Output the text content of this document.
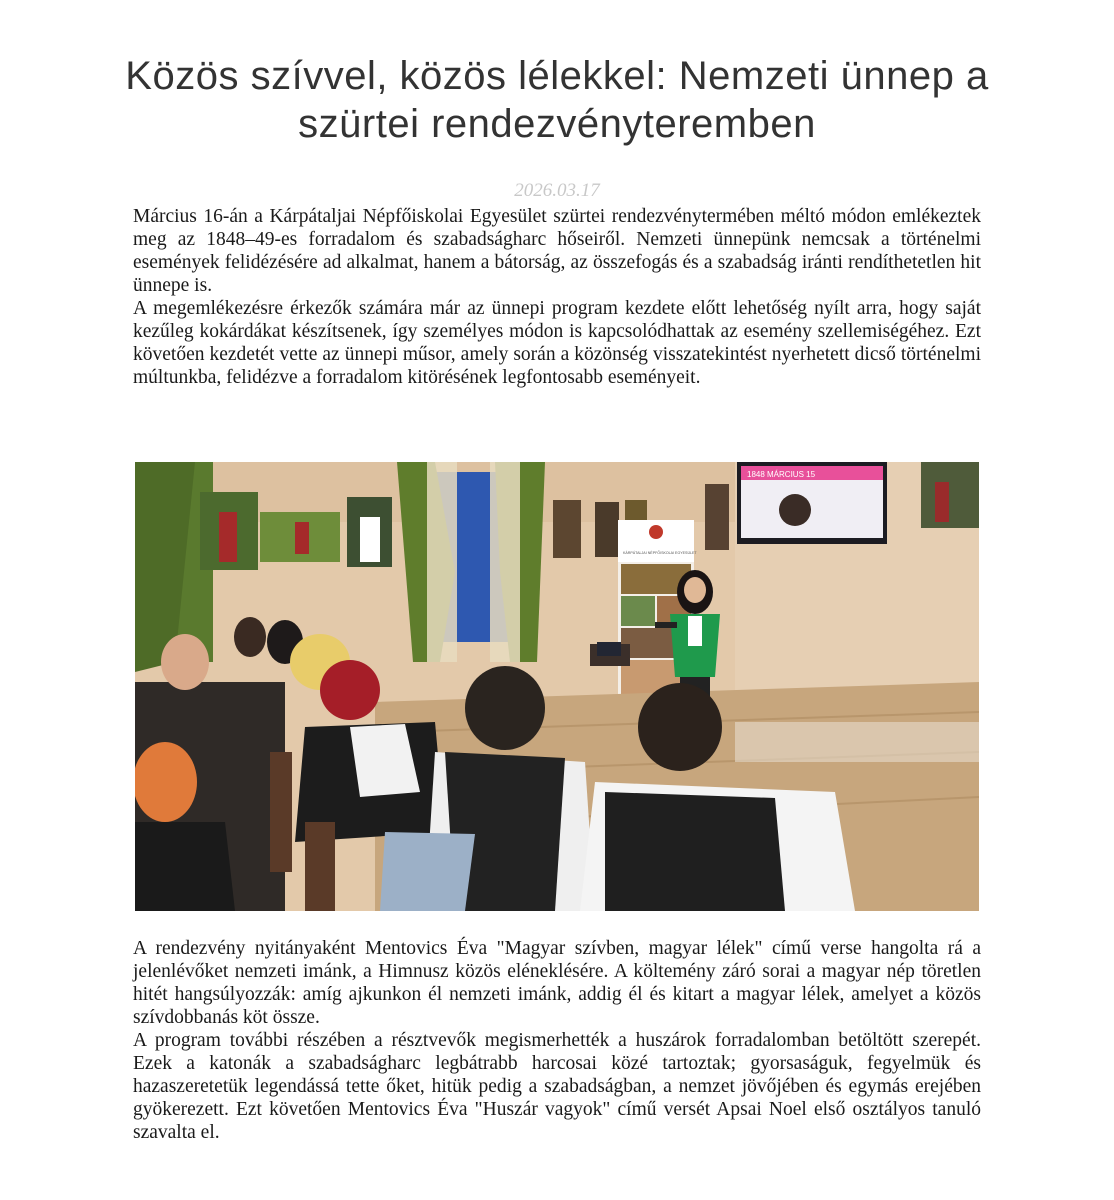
Közös szívvel, közös lélekkel: Nemzeti ünnep a szürtei rendezvényteremben
2026.03.17

Március 16-án a Kárpátaljai Népfőiskolai Egyesület szürtei rendezvénytermében méltó módon emlékeztek meg az 1848–49-es forradalom és szabadságharc hőseiről. Nemzeti ünnepünk nemcsak a történelmi események felidézésére ad alkalmat, hanem a bátorság, az összefogás és a szabadság iránti rendíthetetlen hit ünnepe is.

A megemlékezésre érkezők számára már az ünnepi program kezdete előtt lehetőség nyílt arra, hogy saját kezűleg kokárdákat készítsenek, így személyes módon is kapcsolódhattak az esemény szellemiségéhez. Ezt követően kezdetét vette az ünnepi műsor, amely során a közönség visszatekintést nyerhetett dicső történelmi múltunkba, felidézve a forradalom kitörésének legfontosabb eseményeit.

1848 MÁRCIUS 15
KÁRPÁTALJAI NÉPFŐISKOLAI EGYESÜLET

A rendezvény nyitányaként Mentovics Éva "Magyar szívben, magyar lélek" című verse hangolta rá a jelenlévőket nemzeti imánk, a Himnusz közös eléneklésére. A költemény záró sorai a magyar nép töretlen hitét hangsúlyozzák: amíg ajkunkon él nemzeti imánk, addig él és kitart a magyar lélek, amelyet a közös szívdobbanás köt össze.

A program további részében a résztvevők megismerhették a huszárok forradalomban betöltött szerepét. Ezek a katonák a szabadságharc legbátrabb harcosai közé tartoztak; gyorsaságuk, fegyelmük és hazaszeretetük legendássá tette őket, hitük pedig a szabadságban, a nemzet jövőjében és egymás erejében gyökerezett. Ezt követően Mentovics Éva "Huszár vagyok" című versét Apsai Noel első osztályos tanuló szavalta el.
